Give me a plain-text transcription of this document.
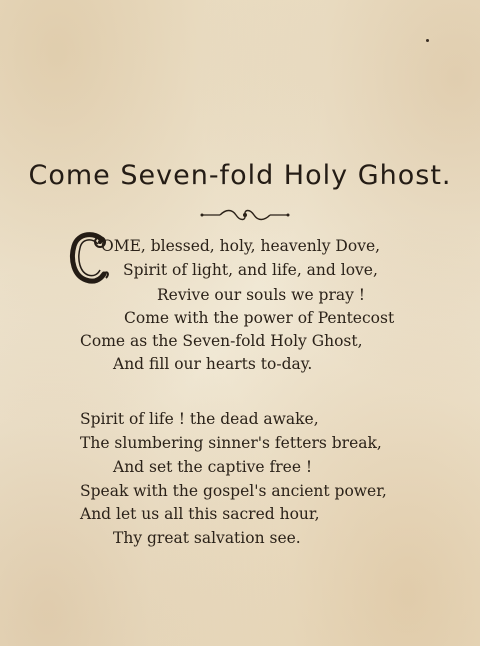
Come Seven-fold Holy Ghost.
OME, blessed, holy, heavenly Dove,
Spirit of light, and life, and love,
Revive our souls we pray !
Come with the power of Pentecost
Come as the Seven-fold Holy Ghost,
And fill our hearts to-day.
Spirit of life ! the dead awake,
The slumbering sinner's fetters break,
And set the captive free !
Speak with the gospel's ancient power,
And let us all this sacred hour,
Thy great salvation see.
